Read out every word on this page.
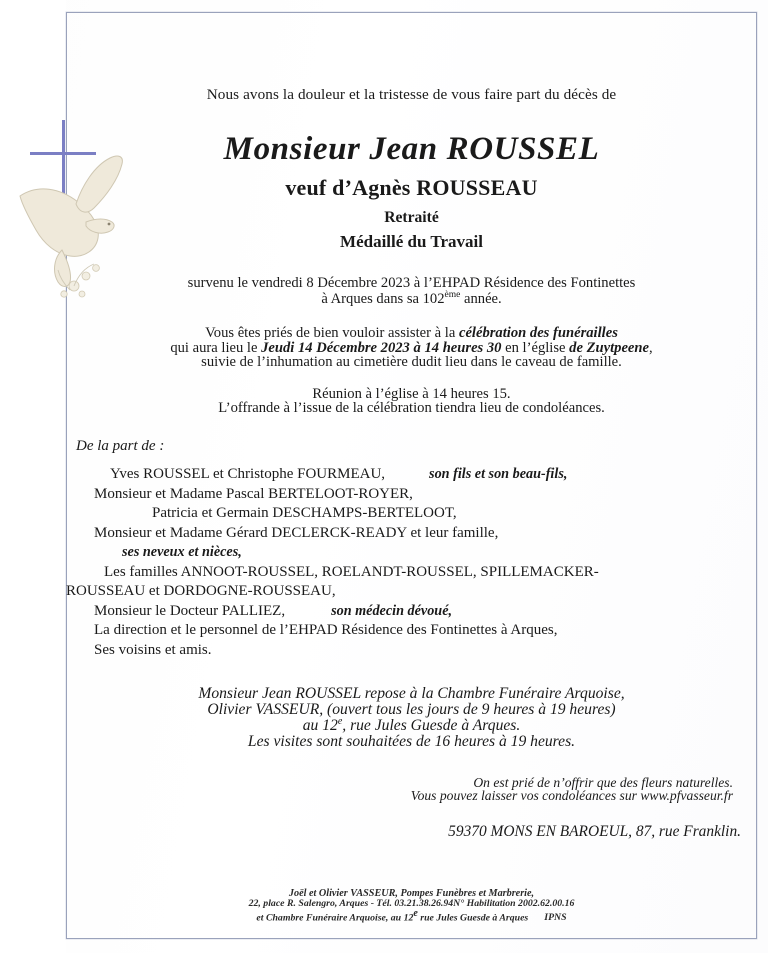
Nous avons la douleur et la tristesse de vous faire part du décès de
Monsieur Jean ROUSSEL
veuf d’Agnès ROUSSEAU
Retraité
Médaillé du Travail
survenu le vendredi 8 Décembre 2023 à l’EHPAD Résidence des Fontinettes
à Arques dans sa 102ème année.
Vous êtes priés de bien vouloir assister à la célébration des funérailles
qui aura lieu le Jeudi 14 Décembre 2023 à 14 heures 30 en l’église de Zuytpeene,
suivie de l’inhumation au cimetière dudit lieu dans le caveau de famille.
Réunion à l’église à 14 heures 15.
L’offrande à l’issue de la célébration tiendra lieu de condoléances.
De la part de :
Yves ROUSSEL et Christophe FOURMEAU,	son fils et son beau-fils,
Monsieur et Madame Pascal BERTELOOT-ROYER,
Patricia et Germain DESCHAMPS-BERTELOOT,
Monsieur et Madame Gérard DECLERCK-READY et leur famille,
ses neveux et nièces,
Les familles ANNOOT-ROUSSEL, ROELANDT-ROUSSEL, SPILLEMACKER-
ROUSSEAU et DORDOGNE-ROUSSEAU,
Monsieur le Docteur PALLIEZ,	son médecin dévoué,
La direction et le personnel de l’EHPAD Résidence des Fontinettes à Arques,
Ses voisins et amis.
Monsieur Jean ROUSSEL repose à la Chambre Funéraire Arquoise,
Olivier VASSEUR, (ouvert tous les jours de 9 heures à 19 heures)
au 12e, rue Jules Guesde à Arques.
Les visites sont souhaitées de 16 heures à 19 heures.
On est prié de n’offrir que des fleurs naturelles.
Vous pouvez laisser vos condoléances sur www.pfvasseur.fr
59370 MONS EN BAROEUL, 87, rue Franklin.
Joël et Olivier VASSEUR, Pompes Funèbres et Marbrerie,
22, place R. Salengro, Arques - Tél. 03.21.38.26.94N° Habilitation 2002.62.00.16
et Chambre Funéraire Arquoise, au 12e rue Jules Guesde à Arques IPNS
